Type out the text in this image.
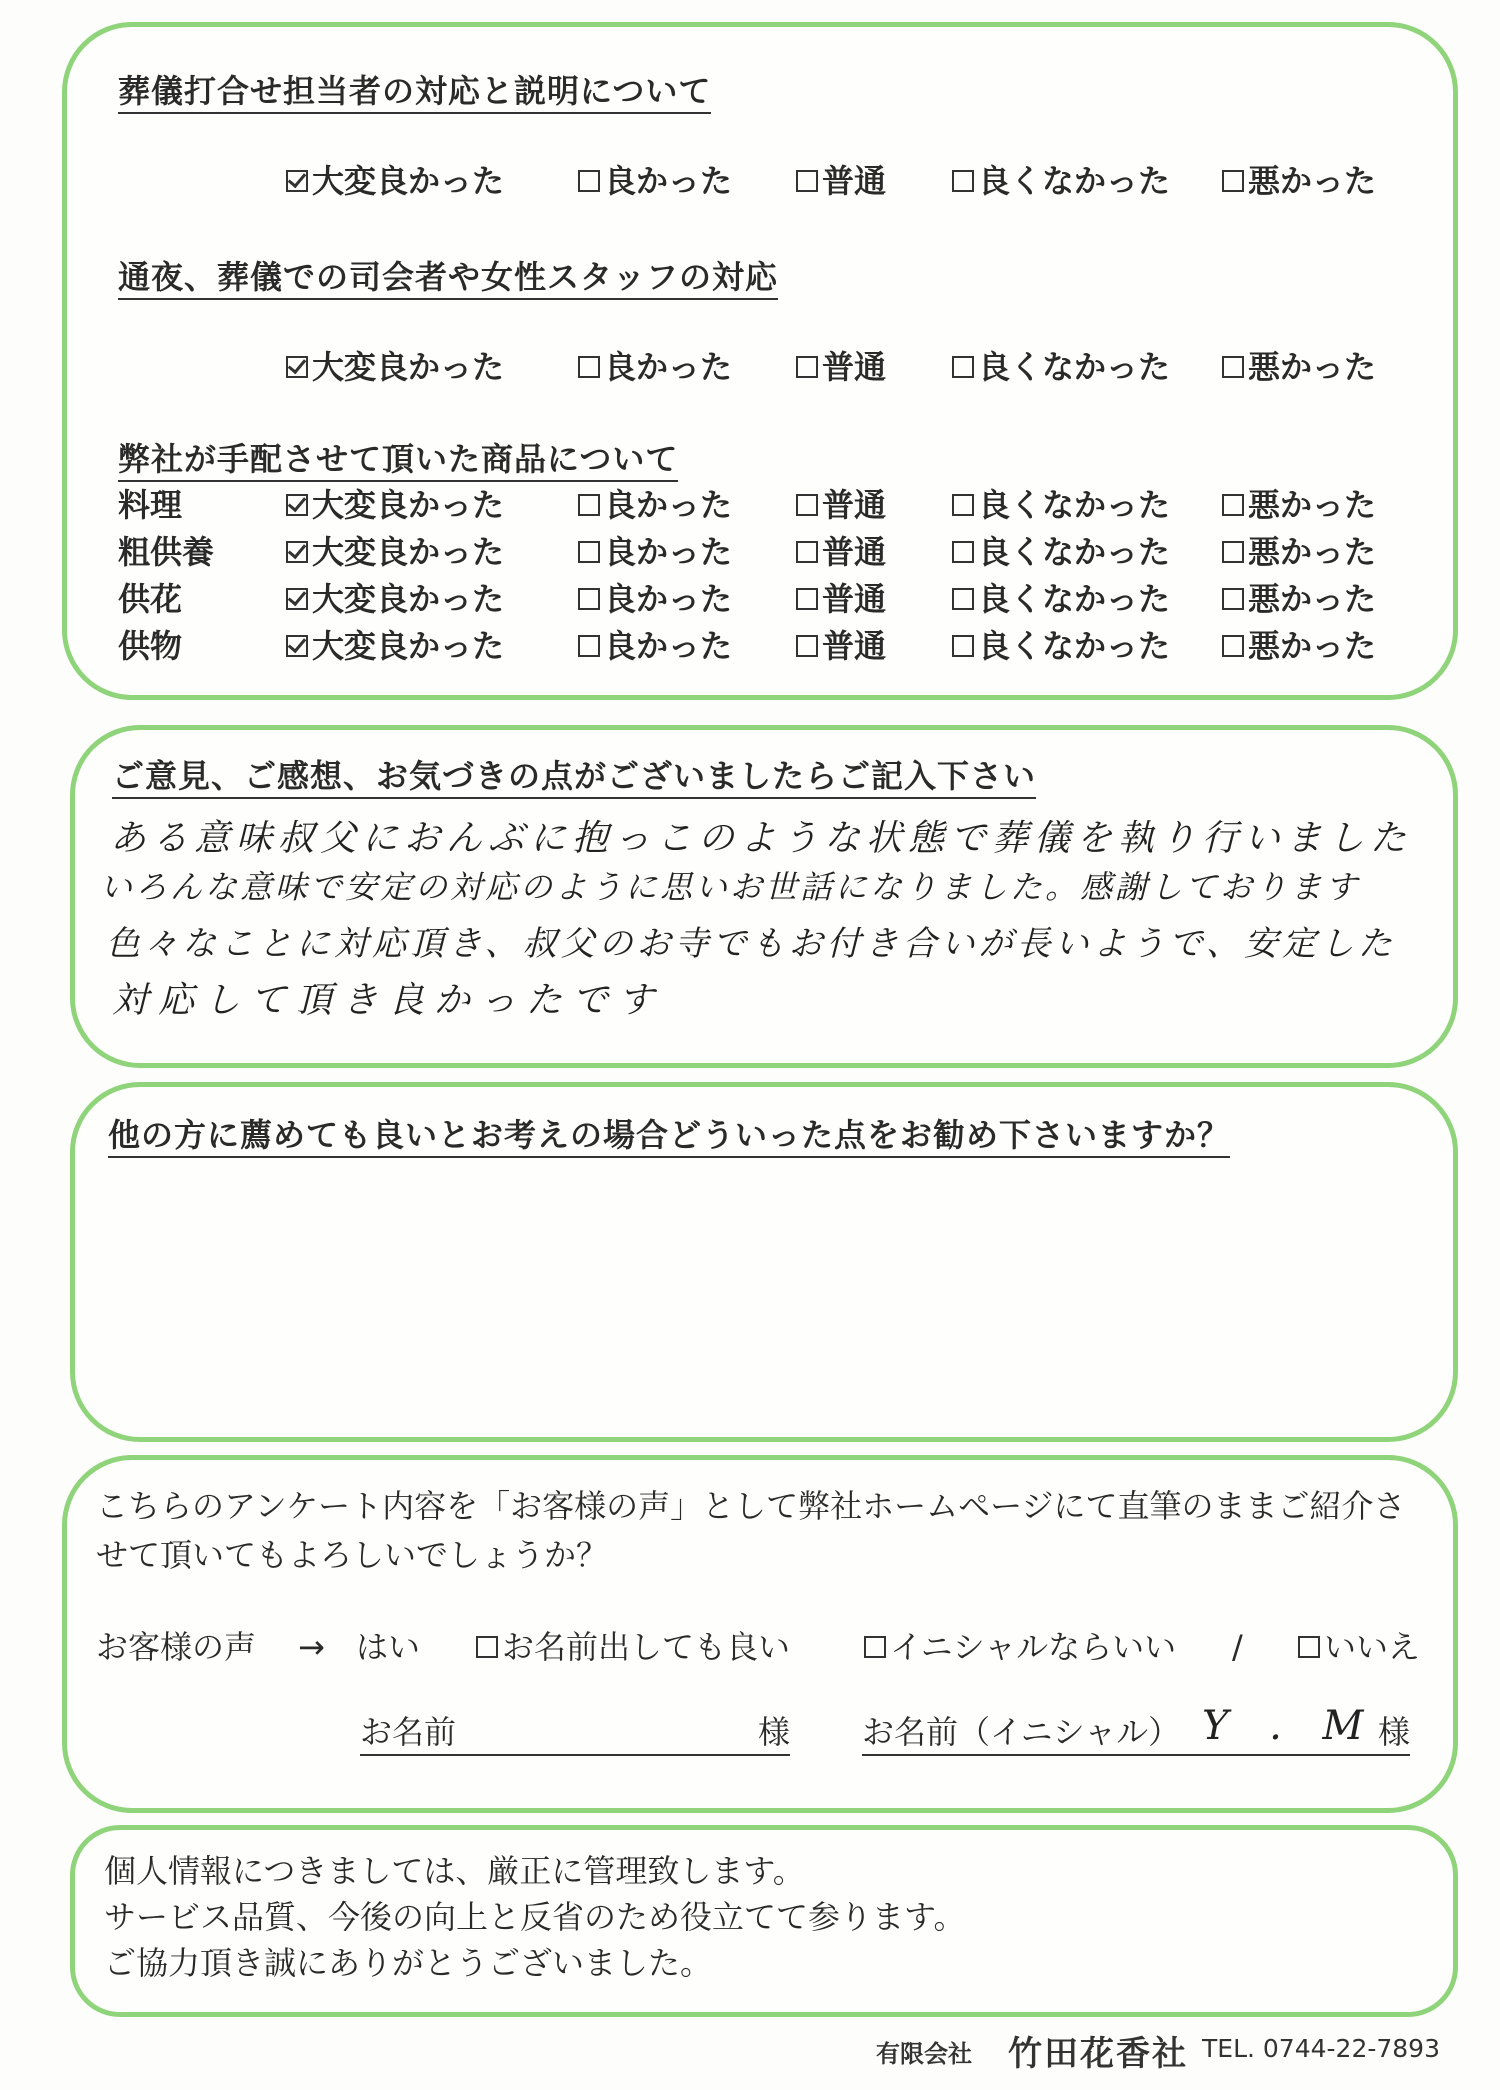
葬儀打合せ担当者の対応と説明について
大変良かった	良かった	普通	良くなかった 悪かった
通夜、葬儀での司会者や女性スタッフの対応
大変良かった	良かった	普通	良くなかった 悪かった
弊社が手配させて頂いた商品について
料理	大変良かった	良かった	普通	良くなかった 悪かった
粗供養	大変良かった	良かった	普通	良くなかった 悪かった
供花	大変良かった	良かった	普通	良くなかった 悪かった
供物	大変良かった	良かった	普通	良くなかった 悪かった
ご意見、ご感想、お気づきの点がございましたらご記入下さい
ある意味叔父におんぶに抱っこのような状態で葬儀を執り行いました
いろんな意味で安定の対応のように思いお世話になりました。感謝しております
色々なことに対応頂き、叔父のお寺でもお付き合いが長いようで、安定した
対応して頂き良かったです
他の方に薦めても良いとお考えの場合どういった点をお勧め下さいますか？
こちらのアンケート内容を「お客様の声」として弊社ホームページにて直筆のままご紹介さ
せて頂いてもよろしいでしょうか？
お客様の声 → はい	お名前出しても良い	イニシャルならいい /	いいえ
お名前	様 お名前（イニシャル） Y . M 様
個人情報につきましては、厳正に管理致します。
サービス品質、今後の向上と反省のため役立てて参ります。
ご協力頂き誠にありがとうございました。
有限会社 竹田花香社 TEL. 0744-22-7893
